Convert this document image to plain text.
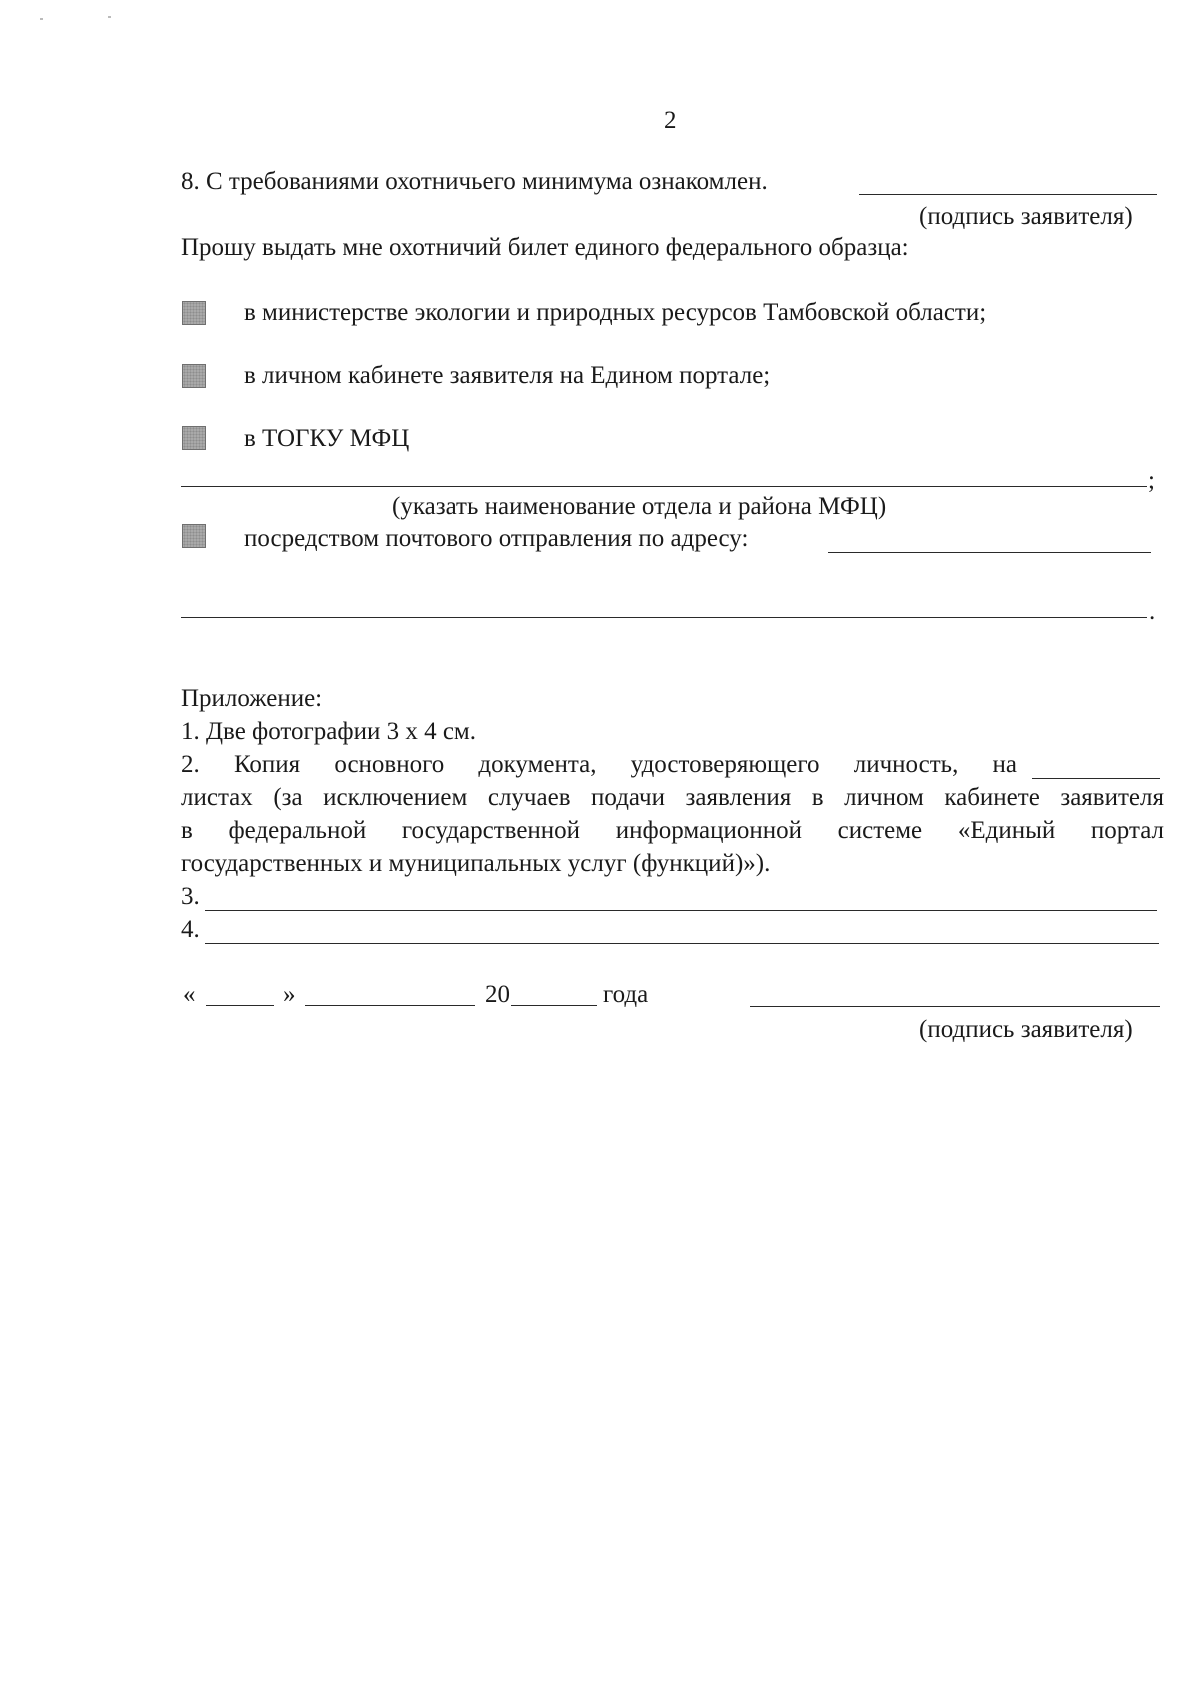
2
8. С требованиями охотничьего минимума ознакомлен.
(подпись заявителя)
Прошу выдать мне охотничий билет единого федерального образца:
в министерстве экологии и природных ресурсов Тамбовской области;
в личном кабинете заявителя на Едином портале;
в ТОГКУ МФЦ
;
(указать наименование отдела и района МФЦ)
посредством почтового отправления по адресу:
.
Приложение:
1. Две фотографии 3 х 4 см.
2. Копия основного документа, удостоверяющего личность, на
листах (за исключением случаев подачи заявления в личном кабинете заявителя
в федеральной государственной информационной системе «Единый портал
государственных и муниципальных услуг (функций)»).
3.
4.
«	»	20	года
(подпись заявителя)
